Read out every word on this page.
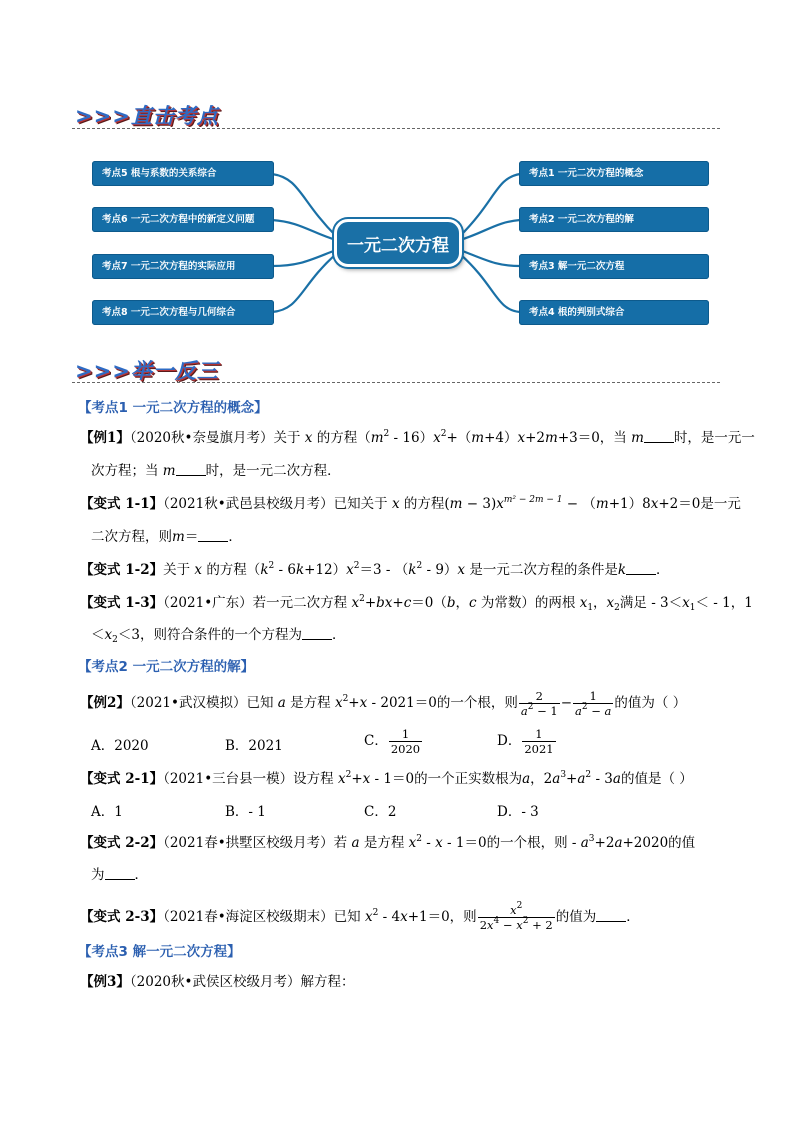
>>>直击考点
考点5 根与系数的关系综合
考点6 一元二次方程中的新定义问题
考点7 一元二次方程的实际应用
考点8 一元二次方程与几何综合
考点1 一元二次方程的概念
考点2 一元二次方程的解
考点3 解一元二次方程
考点4 根的判别式综合
一元二次方程
>>>举一反三
【考点1 一元二次方程的概念】
【例1】（2020秋•奈曼旗月考）关于 x 的方程$(m^2 - 16)x^2+(m+4)x+2m+3=0$，当 m 时，是一元一
次方程；当 m 时，是一元二次方程．
【变式 1-1】（2021秋•武邑县校级月考）已知关于 x 的方程$(m - 3)x^{m^2 - 2m - 1} - (m+1)8x+2=0$是一元
二次方程，则m＝ ．
【变式 1-2】关于 x 的方程$(k^2 - 6k+12)x^2=3 - (k^2 - 9)x$ 是一元二次方程的条件是k ．
【变式 1-3】（2021•广东）若一元二次方程 $x^2+bx+c=0(b$，c 为常数）的两根 $x_1$，$x_2$满足 - $3<x_1< - 1$，1
$<x_2<3$，则符合条件的一个方程为 ．
【考点2 一元二次方程的解】
【例2】（2021•武汉模拟）已知 a 是方程 $x^2+x - 2021=0$的一个根，则 $\frac{2}{a^2 - 1} - \frac{1}{a^2 - a}$ 的值为（ ）
A．2020	B．2021	C． $\frac{1}{2020}$	D． $\frac{1}{2021}$
【变式 2-1】（2021•三台县一模）设方程 $x^2+x - 1=0$的一个正实数根为a，$2a^3+a^2 - 3a$的值是（ ）
A．1	B．- 1	C．2	D．- 3
【变式 2-2】（2021春•拱墅区校级月考）若 a 是方程 $x^2 - x - 1=0$的一个根，则 - $a^3+2a+2020$的值
为 ．
【变式 2-3】（2021春•海淀区校级期末）已知 $x^2 - 4x+1=0$，则 $\frac{x^2}{2x^4 - x^2 + 2}$ 的值为 ．
【考点3 解一元二次方程】
【例3】（2020秋•武侯区校级月考）解方程：
